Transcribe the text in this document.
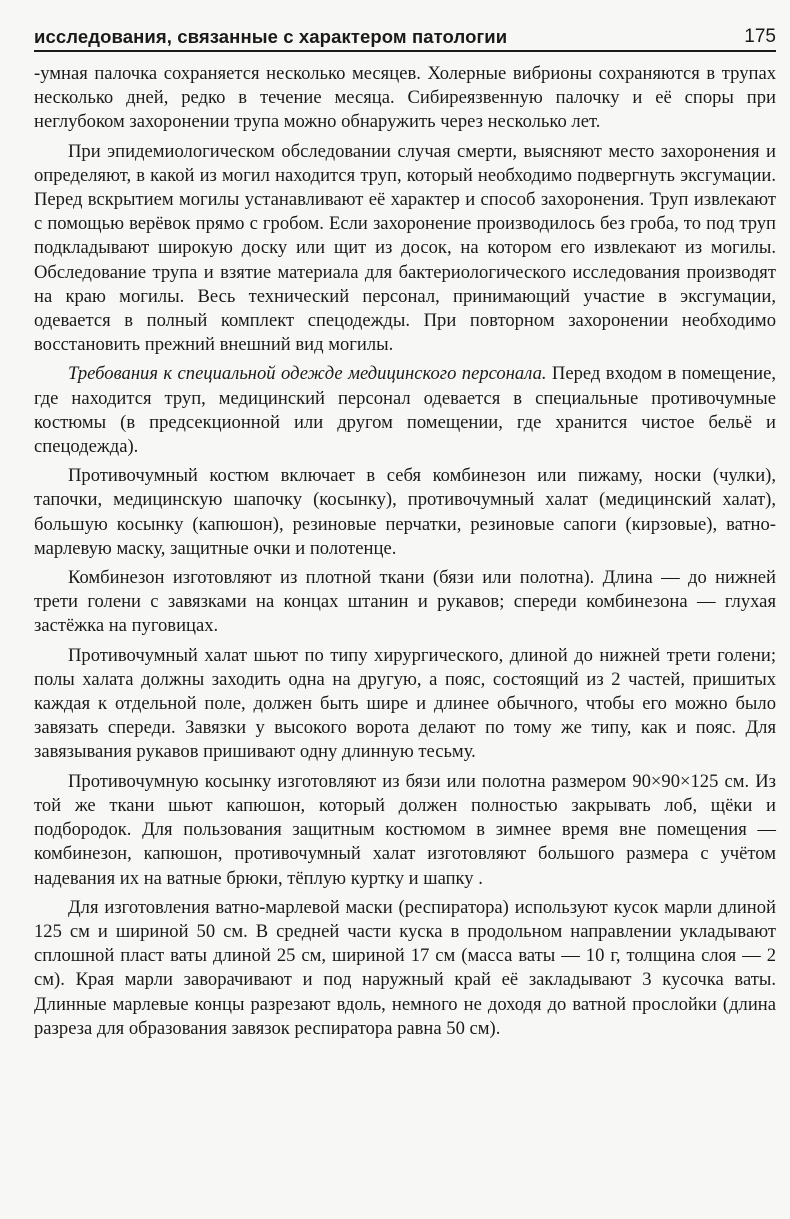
исследования, связанные с характером патологии	175

-умная палочка сохраняется несколько месяцев. Холерные вибрионы сохраняются в трупах несколько дней, редко в течение месяца. Сибиреязвенную палочку и её споры при неглубоком захоронении трупа можно обнаружить через несколько лет.

При эпидемиологическом обследовании случая смерти, выясняют место захоронения и определяют, в какой из могил находится труп, который необходимо подвергнуть эксгумации. Перед вскрытием могилы устанавливают её характер и способ захоронения. Труп извлекают с помощью верёвок прямо с гробом. Если захоронение производилось без гроба, то под труп подкладывают широкую доску или щит из досок, на котором его извлекают из могилы. Обследование трупа и взятие материала для бактериологического исследования производят на краю могилы. Весь технический персонал, принимающий участие в эксгумации, одевается в полный комплект спецодежды. При повторном захоронении необходимо восстановить прежний внешний вид могилы.

Требования к специальной одежде медицинского персонала. Перед входом в помещение, где находится труп, медицинский персонал одевается в специальные противочумные костюмы (в предсекционной или другом помещении, где хранится чистое бельё и спецодежда).

Противочумный костюм включает в себя комбинезон или пижаму, носки (чулки), тапочки, медицинскую шапочку (косынку), противочумный халат (медицинский халат), большую косынку (капюшон), резиновые перчатки, резиновые сапоги (кирзовые), ватно-марлевую маску, защитные очки и полотенце.

Комбинезон изготовляют из плотной ткани (бязи или полотна). Длина — до нижней трети голени с завязками на концах штанин и рукавов; спереди комбинезона — глухая застёжка на пуговицах.

Противочумный халат шьют по типу хирургического, длиной до нижней трети голени; полы халата должны заходить одна на другую, а пояс, состоящий из 2 частей, пришитых каждая к отдельной поле, должен быть шире и длинее обычного, чтобы его можно было завязать спереди. Завязки у высокого ворота делают по тому же типу, как и пояс. Для завязывания рукавов пришивают одну длинную тесьму.

Противочумную косынку изготовляют из бязи или полотна размером 90×90×125 см. Из той же ткани шьют капюшон, который должен полностью закрывать лоб, щёки и подбородок. Для пользования защитным костюмом в зимнее время вне помещения — комбинезон, капюшон, противочумный халат изготовляют большого размера с учётом надевания их на ватные брюки, тёплую куртку и шапку .

Для изготовления ватно-марлевой маски (респиратора) используют кусок марли длиной 125 см и шириной 50 см. В средней части куска в продольном направлении укладывают сплошной пласт ваты длиной 25 см, шириной 17 см (масса ваты — 10 г, толщина слоя — 2 см). Края марли заворачивают и под наружный край её закладывают 3 кусочка ваты. Длинные марлевые концы разрезают вдоль, немного не доходя до ватной прослойки (длина разреза для образования завязок респиратора равна 50 см).
